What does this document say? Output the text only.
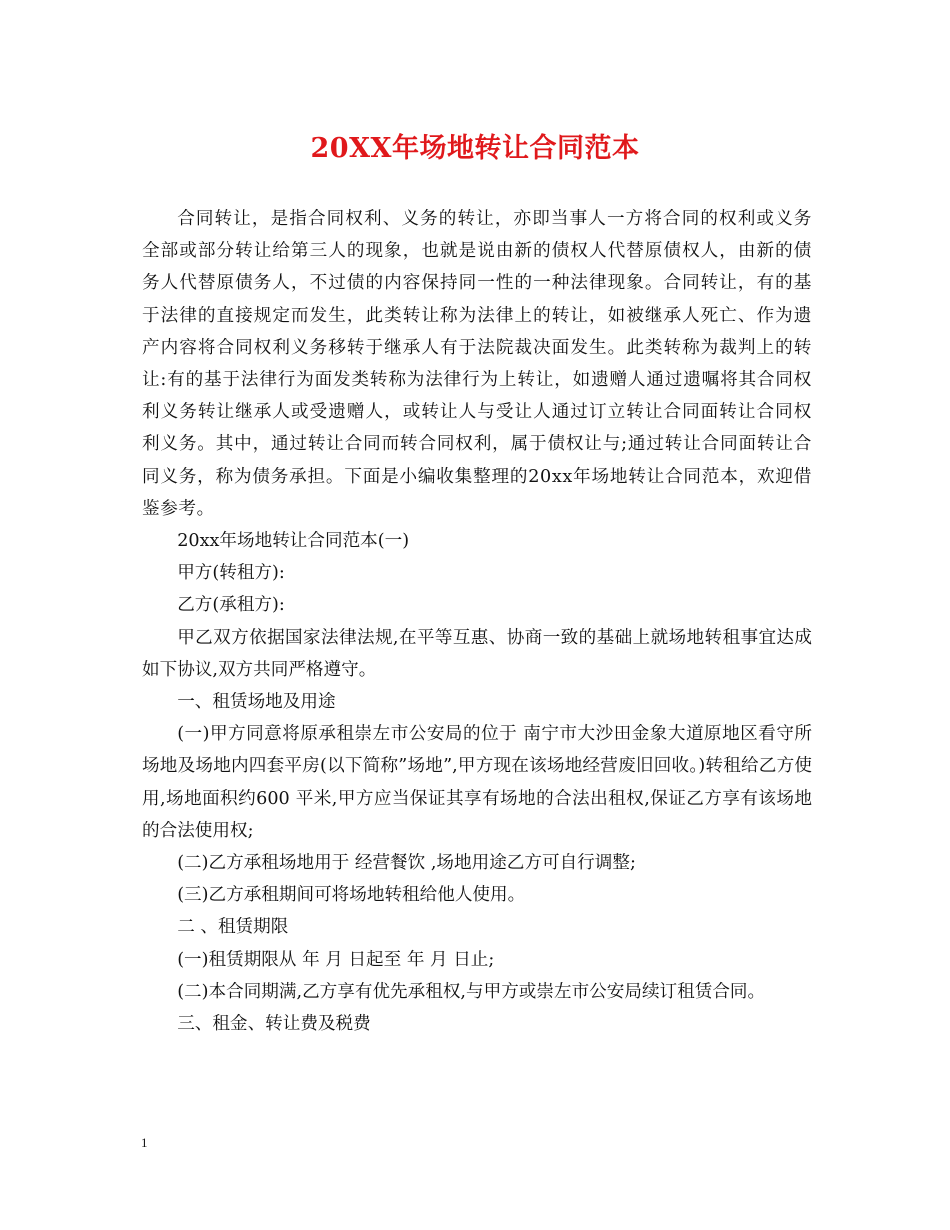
20XX年场地转让合同范本

合同转让，是指合同权利、义务的转让，亦即当事人一方将合同的权利或义务全部或部分转让给第三人的现象，也就是说由新的债权人代替原债权人，由新的债务人代替原债务人，不过债的内容保持同一性的一种法律现象。合同转让，有的基于法律的直接规定而发生，此类转让称为法律上的转让，如被继承人死亡、作为遗产内容将合同权利义务移转于继承人有于法院裁决面发生。此类转称为裁判上的转让:有的基于法律行为面发类转称为法律行为上转让，如遗赠人通过遗嘱将其合同权利义务转让继承人或受遗赠人，或转让人与受让人通过订立转让合同面转让合同权利义务。其中，通过转让合同而转合同权利，属于债权让与;通过转让合同面转让合同义务，称为债务承担。下面是小编收集整理的20xx年场地转让合同范本，欢迎借鉴参考。

20xx年场地转让合同范本(一)

甲方(转租方):

乙方(承租方):

甲乙双方依据国家法律法规,在平等互惠、协商一致的基础上就场地转租事宜达成如下协议,双方共同严格遵守。

一、租赁场地及用途

(一)甲方同意将原承租崇左市公安局的位于 南宁市大沙田金象大道原地区看守所场地及场地内四套平房(以下简称”场地”,甲方现在该场地经营废旧回收。)转租给乙方使用,场地面积约600 平米,甲方应当保证其享有场地的合法出租权,保证乙方享有该场地的合法使用权;

(二)乙方承租场地用于 经营餐饮 ,场地用途乙方可自行调整;

(三)乙方承租期间可将场地转租给他人使用。

二 、租赁期限

(一)租赁期限从 年 月 日起至 年 月 日止;

(二)本合同期满,乙方享有优先承租权,与甲方或崇左市公安局续订租赁合同。

三、租金、转让费及税费

1
